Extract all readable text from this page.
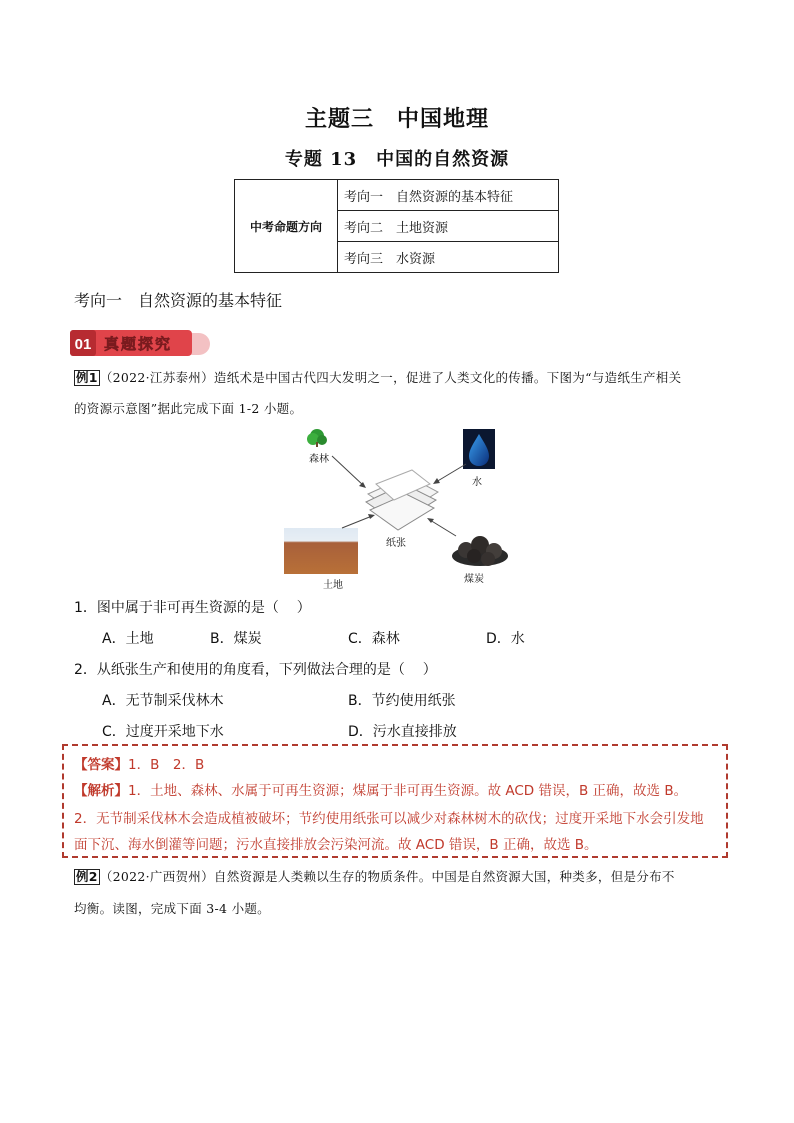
主题三　中国地理
专题 13　中国的自然资源
中考命题方向	考向一　自然资源的基本特征
考向二　土地资源
考向三　水资源
考向一　自然资源的基本特征
01 真题探究
例1 （2022·江苏泰州）造纸术是中国古代四大发明之一，促进了人类文化的传播。下图为“与造纸生产相关
的资源示意图”据此完成下面 1-2 小题。
森林
水
纸张
土地
煤炭
1．图中属于非可再生资源的是（    ）
A．土地	B．煤炭	C．森林	D．水
2．从纸张生产和使用的角度看，下列做法合理的是（    ）
A．无节制采伐林木	B．节约使用纸张
C．过度开采地下水	D．污水直接排放
【答案】1．B　2．B
【解析】1．土地、森林、水属于可再生资源；煤属于非可再生资源。故 ACD 错误，B 正确，故选 B。
2．无节制采伐林木会造成植被破坏；节约使用纸张可以减少对森林树木的砍伐；过度开采地下水会引发地
面下沉、海水倒灌等问题；污水直接排放会污染河流。故 ACD 错误，B 正确，故选 B。
例2 （2022·广西贺州）自然资源是人类赖以生存的物质条件。中国是自然资源大国，种类多，但是分布不
均衡。读图，完成下面 3-4 小题。
